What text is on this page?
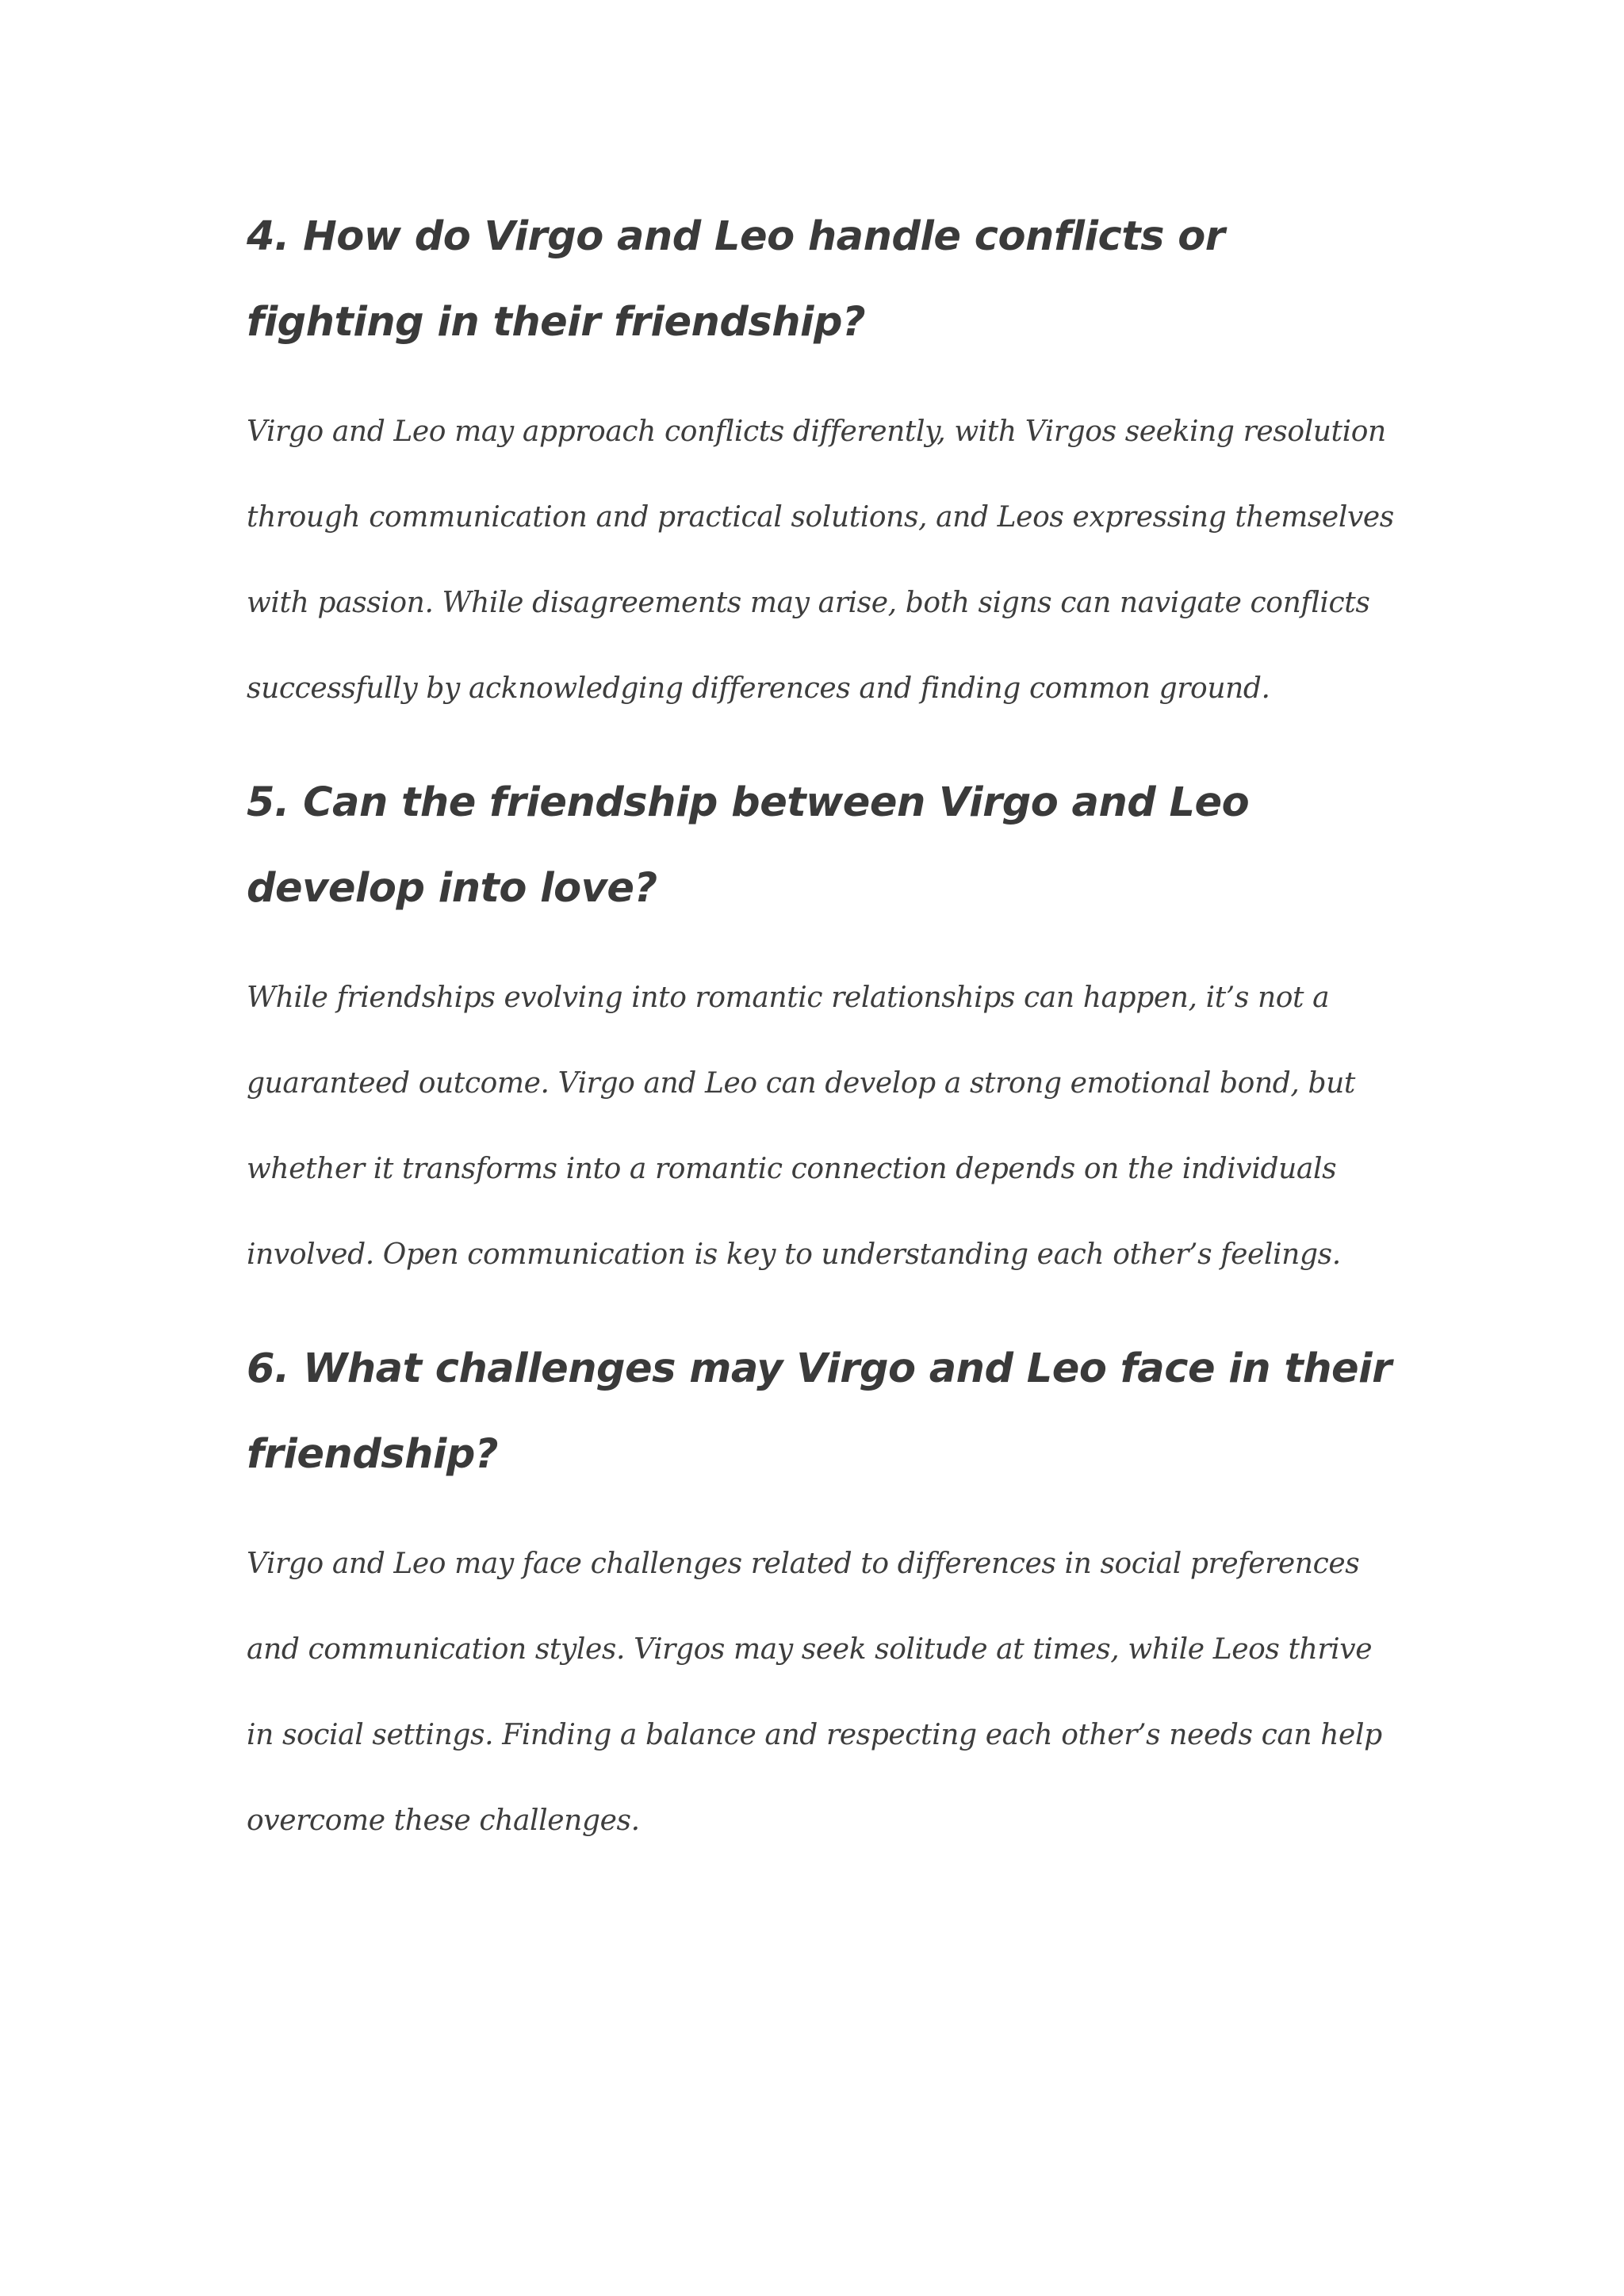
4. How do Virgo and Leo handle conflicts or fighting in their friendship?

Virgo and Leo may approach conflicts differently, with Virgos seeking resolution through communication and practical solutions, and Leos expressing themselves with passion. While disagreements may arise, both signs can navigate conflicts successfully by acknowledging differences and finding common ground.

5. Can the friendship between Virgo and Leo develop into love?

While friendships evolving into romantic relationships can happen, it’s not a guaranteed outcome. Virgo and Leo can develop a strong emotional bond, but whether it transforms into a romantic connection depends on the individuals involved. Open communication is key to understanding each other’s feelings.

6. What challenges may Virgo and Leo face in their friendship?

Virgo and Leo may face challenges related to differences in social preferences and communication styles. Virgos may seek solitude at times, while Leos thrive in social settings. Finding a balance and respecting each other’s needs can help overcome these challenges.
